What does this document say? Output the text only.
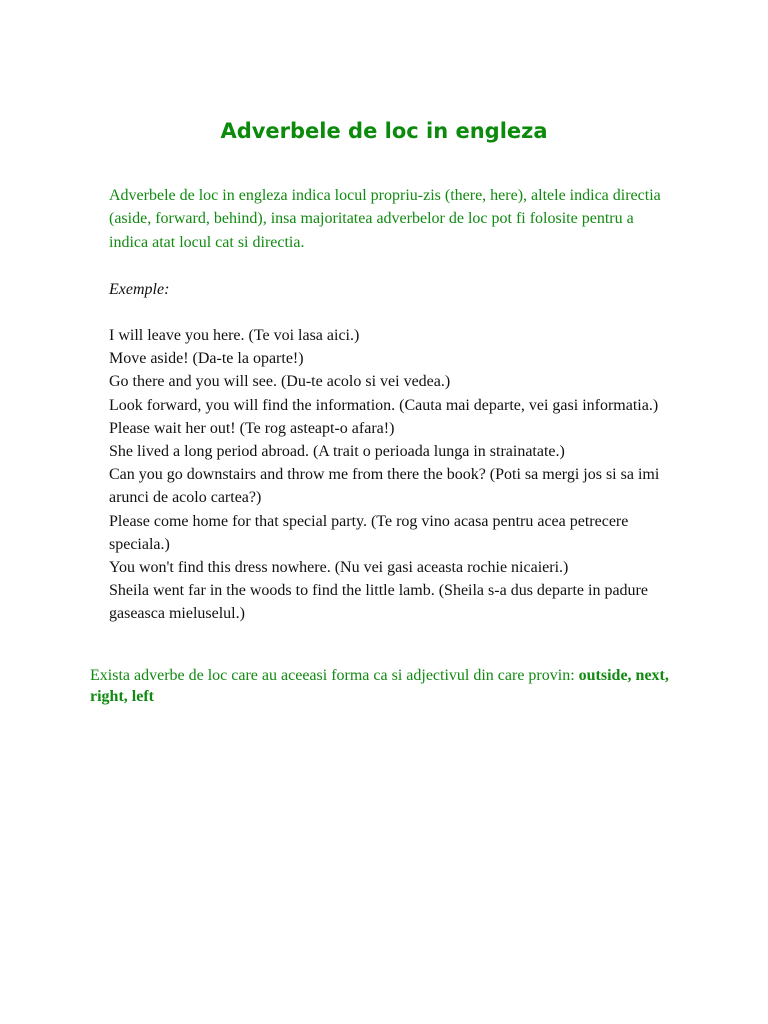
Adverbele de loc in engleza

Adverbele de loc in engleza indica locul propriu-zis (there, here), altele indica directia (aside, forward, behind), insa majoritatea adverbelor de loc pot fi folosite pentru a indica atat locul cat si directia.

Exemple:

I will leave you here. (Te voi lasa aici.)
Move aside! (Da-te la oparte!)
Go there and you will see. (Du-te acolo si vei vedea.)
Look forward, you will find the information. (Cauta mai departe, vei gasi informatia.)
Please wait her out! (Te rog asteapt-o afara!)
She lived a long period abroad. (A trait o perioada lunga in strainatate.)
Can you go downstairs and throw me from there the book? (Poti sa mergi jos si sa imi arunci de acolo cartea?)
Please come home for that special party. (Te rog vino acasa pentru acea petrecere speciala.)
You won't find this dress nowhere. (Nu vei gasi aceasta rochie nicaieri.)
Sheila went far in the woods to find the little lamb. (Sheila s-a dus departe in padure gaseasca mieluselul.)

Exista adverbe de loc care au aceeasi forma ca si adjectivul din care provin: outside, next, right, left
